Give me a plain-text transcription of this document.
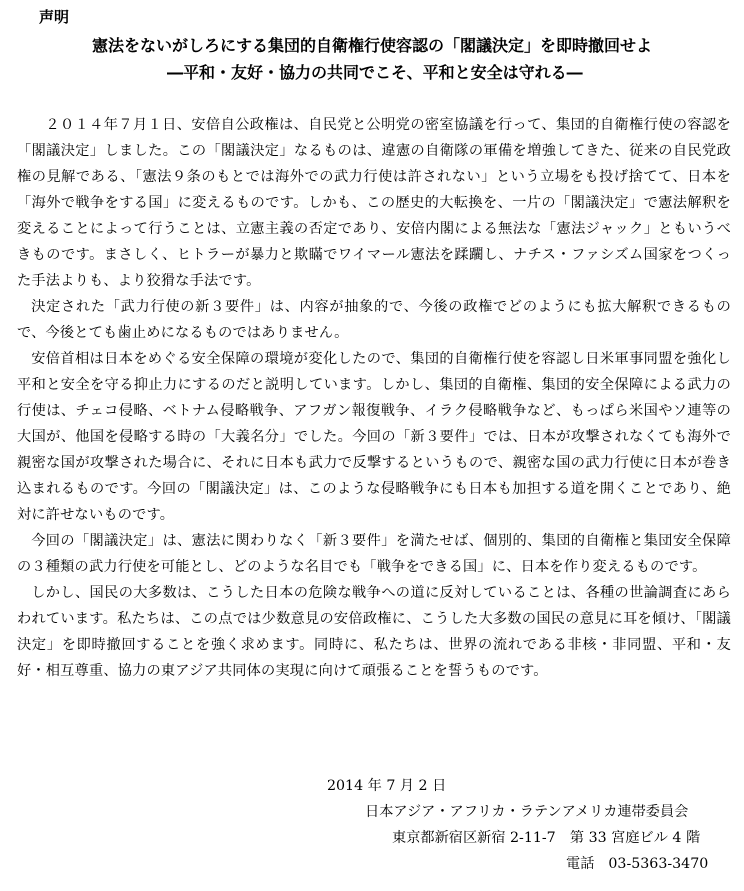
声明
憲法をないがしろにする集団的自衛権行使容認の「閣議決定」を即時撤回せよ
―平和・友好・協力の共同でこそ、平和と安全は守れる―

２０１４年７月１日、安倍自公政権は、自民党と公明党の密室協議を行って、集団的自衛権行使の容認を「閣議決定」しました。この「閣議決定」なるものは、違憲の自衛隊の軍備を増強してきた、従来の自民党政権の見解である、「憲法９条のもとでは海外での武力行使は許されない」という立場をも投げ捨てて、日本を「海外で戦争をする国」に変えるものです。しかも、この歴史的大転換を、一片の「閣議決定」で憲法解釈を変えることによって行うことは、立憲主義の否定であり、安倍内閣による無法な「憲法ジャック」ともいうべきものです。まさしく、ヒトラーが暴力と欺瞞でワイマール憲法を蹂躙し、ナチス・ファシズム国家をつくった手法よりも、より狡猾な手法です。

決定された「武力行使の新３要件」は、内容が抽象的で、今後の政権でどのようにも拡大解釈できるもので、今後とても歯止めになるものではありません。

安倍首相は日本をめぐる安全保障の環境が変化したので、集団的自衛権行使を容認し日米軍事同盟を強化し平和と安全を守る抑止力にするのだと説明しています。しかし、集団的自衛権、集団的安全保障による武力の行使は、チェコ侵略、ベトナム侵略戦争、アフガン報復戦争、イラク侵略戦争など、もっぱら米国やソ連等の大国が、他国を侵略する時の「大義名分」でした。今回の「新３要件」では、日本が攻撃されなくても海外で親密な国が攻撃された場合に、それに日本も武力で反撃するというもので、親密な国の武力行使に日本が巻き込まれるものです。今回の「閣議決定」は、このような侵略戦争にも日本も加担する道を開くことであり、絶対に許せないものです。

今回の「閣議決定」は、憲法に関わりなく「新３要件」を満たせば、個別的、集団的自衛権と集団安全保障の３種類の武力行使を可能とし、どのような名目でも「戦争をできる国」に、日本を作り変えるものです。

しかし、国民の大多数は、こうした日本の危険な戦争への道に反対していることは、各種の世論調査にあらわれています。私たちは、この点では少数意見の安倍政権に、こうした大多数の国民の意見に耳を傾け、「閣議決定」を即時撤回することを強く求めます。同時に、私たちは、世界の流れである非核・非同盟、平和・友好・相互尊重、協力の東アジア共同体の実現に向けて頑張ることを誓うものです。

2014 年 7 月 2 日
日本アジア・アフリカ・ラテンアメリカ連帯委員会
東京都新宿区新宿 2-11-7　第 33 宮庭ビル 4 階
電話 03-5363-3470
